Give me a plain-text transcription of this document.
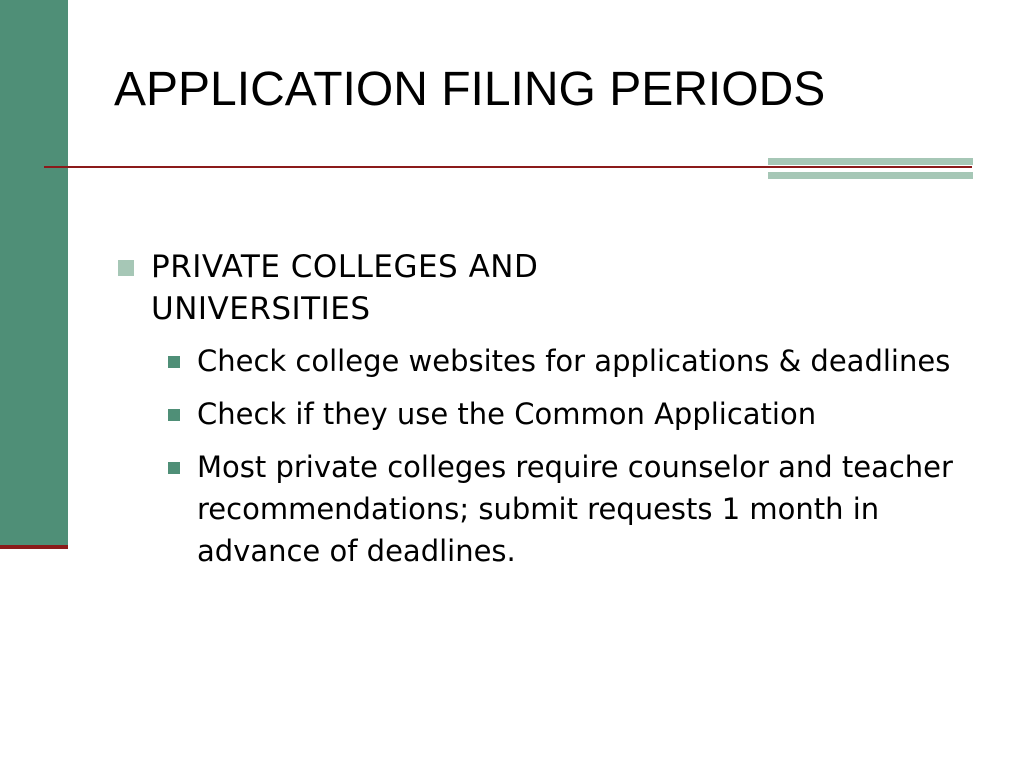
APPLICATION FILING PERIODS
PRIVATE COLLEGES AND UNIVERSITIES
Check college websites for applications & deadlines
Check if they use the Common Application
Most private colleges require counselor and teacher recommendations; submit requests 1 month in advance of deadlines.
